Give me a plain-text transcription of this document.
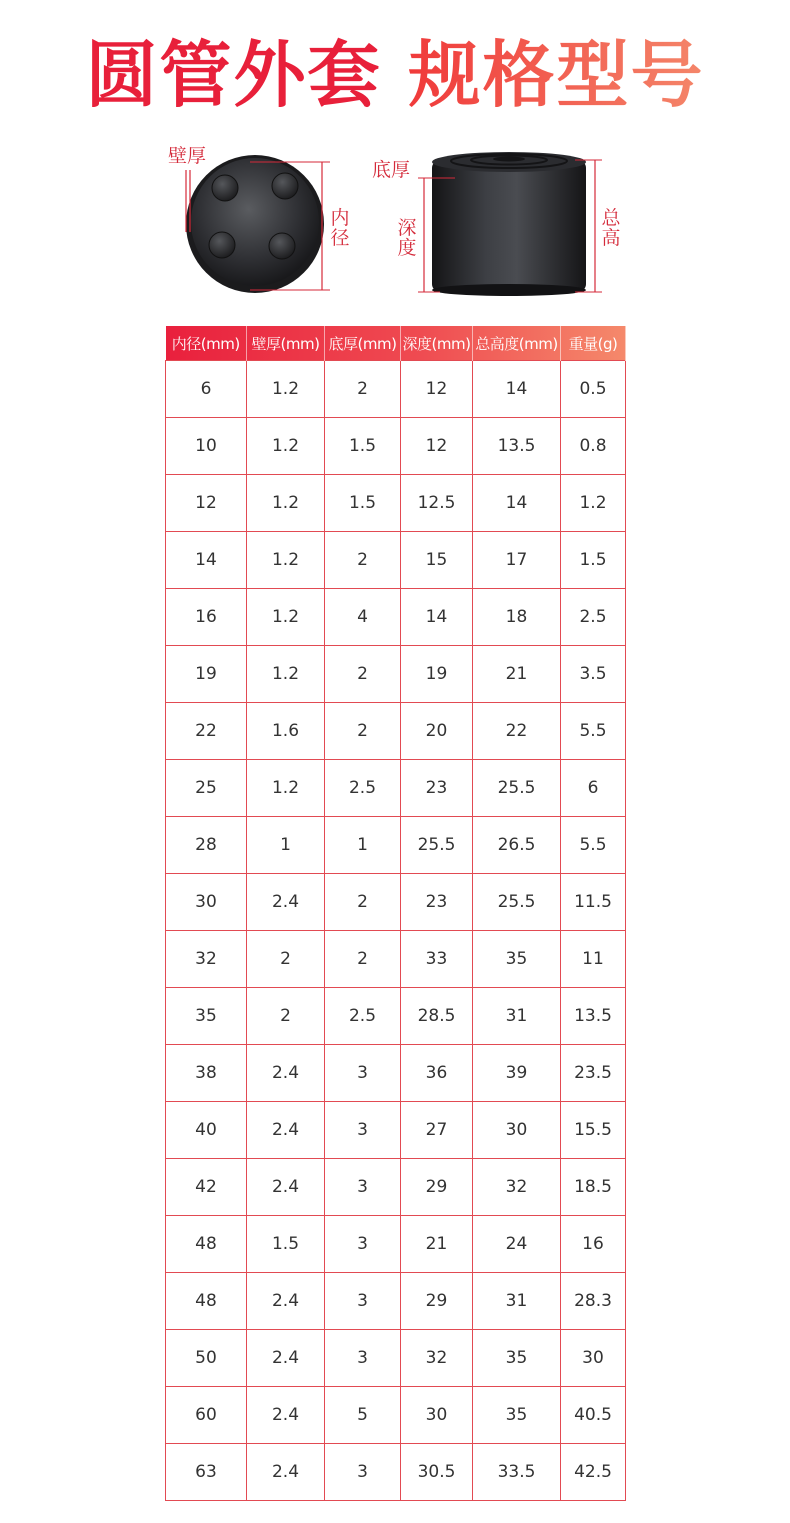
圆管外套 规格型号
壁厚
内径
底厚
深度
总高
内径(mm)	壁厚(mm)	底厚(mm)	深度(mm)	总高度(mm)	重量(g)
6	1.2	2	12	14	0.5
10	1.2	1.5	12	13.5	0.8
12	1.2	1.5	12.5	14	1.2
14	1.2	2	15	17	1.5
16	1.2	4	14	18	2.5
19	1.2	2	19	21	3.5
22	1.6	2	20	22	5.5
25	1.2	2.5	23	25.5	6
28	1	1	25.5	26.5	5.5
30	2.4	2	23	25.5	11.5
32	2	2	33	35	11
35	2	2.5	28.5	31	13.5
38	2.4	3	36	39	23.5
40	2.4	3	27	30	15.5
42	2.4	3	29	32	18.5
48	1.5	3	21	24	16
48	2.4	3	29	31	28.3
50	2.4	3	32	35	30
60	2.4	5	30	35	40.5
63	2.4	3	30.5	33.5	42.5
